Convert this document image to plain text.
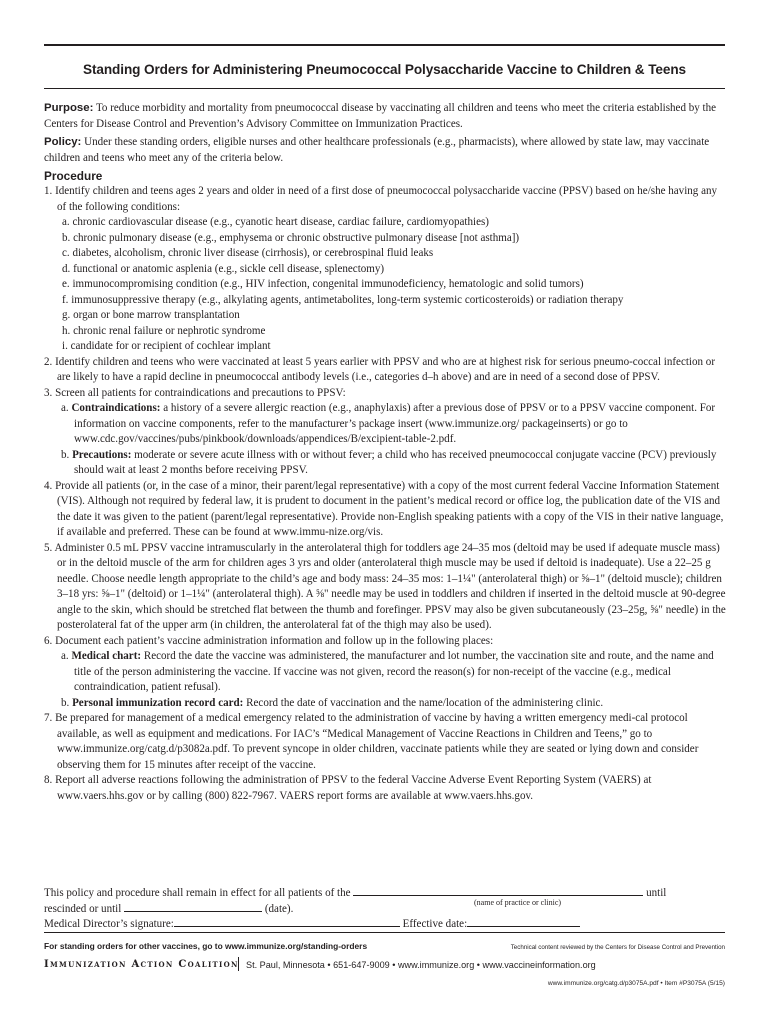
Standing Orders for Administering Pneumococcal Polysaccharide Vaccine to Children & Teens

Purpose: To reduce morbidity and mortality from pneumococcal disease by vaccinating all children and teens who meet the criteria established by the Centers for Disease Control and Prevention’s Advisory Committee on Immunization Practices.

Policy: Under these standing orders, eligible nurses and other healthcare professionals (e.g., pharmacists), where allowed by state law, may vaccinate children and teens who meet any of the criteria below.

Procedure

1. Identify children and teens ages 2 years and older in need of a first dose of pneumococcal polysaccharide vaccine (PPSV) based on he/she having any of the following conditions:

a. chronic cardiovascular disease (e.g., cyanotic heart disease, cardiac failure, cardiomyopathies)

b. chronic pulmonary disease (e.g., emphysema or chronic obstructive pulmonary disease [not asthma])

c. diabetes, alcoholism, chronic liver disease (cirrhosis), or cerebrospinal fluid leaks

d. functional or anatomic asplenia (e.g., sickle cell disease, splenectomy)

e. immunocompromising condition (e.g., HIV infection, congenital immunodeficiency, hematologic and solid tumors)

f. immunosuppressive therapy (e.g., alkylating agents, antimetabolites, long-term systemic corticosteroids) or radiation therapy

g. organ or bone marrow transplantation

h. chronic renal failure or nephrotic syndrome

i. candidate for or recipient of cochlear implant

2. Identify children and teens who were vaccinated at least 5 years earlier with PPSV and who are at highest risk for serious pneumo-coccal infection or are likely to have a rapid decline in pneumococcal antibody levels (i.e., categories d–h above) and are in need of a second dose of PPSV.

3. Screen all patients for contraindications and precautions to PPSV:

a. Contraindications: a history of a severe allergic reaction (e.g., anaphylaxis) after a previous dose of PPSV or to a PPSV vaccine component. For information on vaccine components, refer to the manufacturer’s package insert (www.immunize.org/ packageinserts) or go to www.cdc.gov/vaccines/pubs/pinkbook/downloads/appendices/B/excipient-table-2.pdf.

b. Precautions: moderate or severe acute illness with or without fever; a child who has received pneumococcal conjugate vaccine (PCV) previously should wait at least 2 months before receiving PPSV.

4. Provide all patients (or, in the case of a minor, their parent/legal representative) with a copy of the most current federal Vaccine Information Statement (VIS). Although not required by federal law, it is prudent to document in the patient’s medical record or office log, the publication date of the VIS and the date it was given to the patient (parent/legal representative). Provide non-English speaking patients with a copy of the VIS in their native language, if available and preferred. These can be found at www.immu-nize.org/vis.

5. Administer 0.5 mL PPSV vaccine intramuscularly in the anterolateral thigh for toddlers age 24–35 mos (deltoid may be used if adequate muscle mass) or in the deltoid muscle of the arm for children ages 3 yrs and older (anterolateral thigh muscle may be used if deltoid is inadequate). Use a 22–25 g needle. Choose needle length appropriate to the child’s age and body mass: 24–35 mos: 1–1¼" (anterolateral thigh) or ⅝–1" (deltoid muscle); children 3–18 yrs: ⅝–1" (deltoid) or 1–1¼" (anterolateral thigh). A ⅝" needle may be used in toddlers and children if inserted in the deltoid muscle at 90-degree angle to the skin, which should be stretched flat between the thumb and forefinger. PPSV may also be given subcutaneously (23–25g, ⅝" needle) in the posterolateral fat of the upper arm (in children, the anterolateral fat of the thigh may also be used).

6. Document each patient’s vaccine administration information and follow up in the following places:

a. Medical chart: Record the date the vaccine was administered, the manufacturer and lot number, the vaccination site and route, and the name and title of the person administering the vaccine. If vaccine was not given, record the reason(s) for non-receipt of the vaccine (e.g., medical contraindication, patient refusal).

b. Personal immunization record card: Record the date of vaccination and the name/location of the administering clinic.

7. Be prepared for management of a medical emergency related to the administration of vaccine by having a written emergency medi-cal protocol available, as well as equipment and medications. For IAC’s “Medical Management of Vaccine Reactions in Children and Teens,” go to www.immunize.org/catg.d/p3082a.pdf. To prevent syncope in older children, vaccinate patients while they are seated or lying down and consider observing them for 15 minutes after receipt of the vaccine.

8. Report all adverse reactions following the administration of PPSV to the federal Vaccine Adverse Event Reporting System (VAERS) at www.vaers.hhs.gov or by calling (800) 822-7967. VAERS report forms are available at www.vaers.hhs.gov.

This policy and procedure shall remain in effect for all patients of the	until
(name of practice or clinic)
rescinded or until	(date).
Medical Director’s signature:	Effective date:
For standing orders for other vaccines, go to www.immunize.org/standing-orders	Technical content reviewed by the Centers for Disease Control and Prevention
Immunization Action Coalition St. Paul, Minnesota • 651-647-9009 • www.immunize.org • www.vaccineinformation.org
www.immunize.org/catg.d/p3075A.pdf • Item #P3075A (5/15)
